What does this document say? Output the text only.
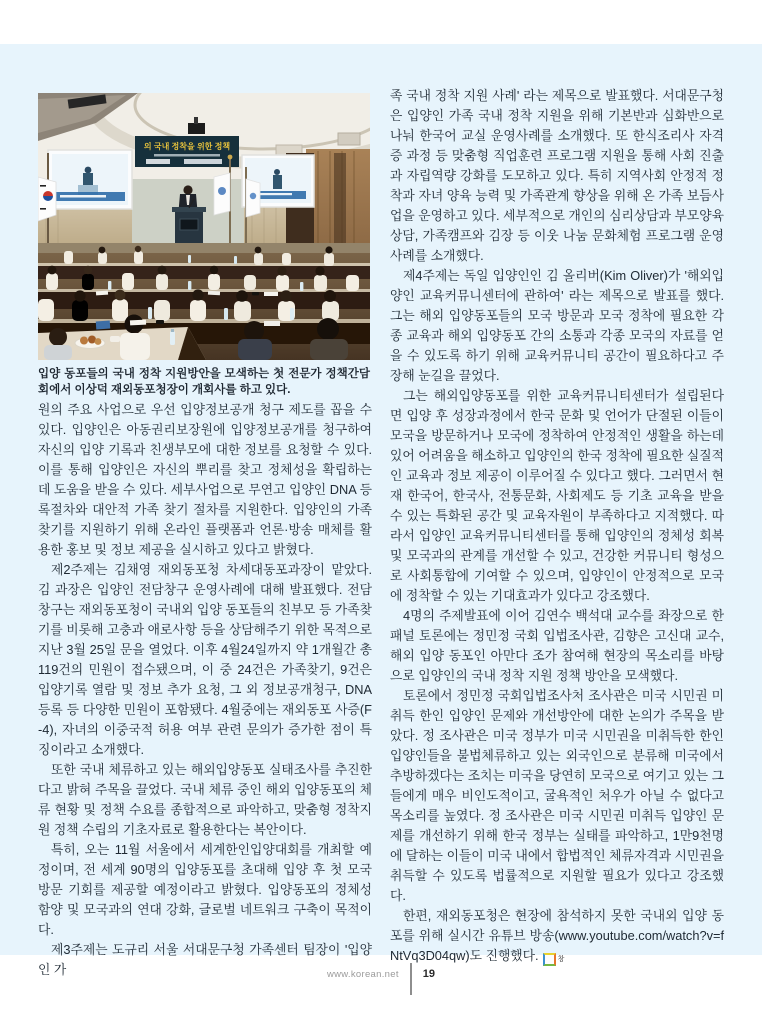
의 국내 정착을 위한 정책
입양 동포들의 국내 정착 지원방안을 모색하는 첫 전문가 정책간담회에서 이상덕 재외동포청장이 개회사를 하고 있다.

원의 주요 사업으로 우선 입양정보공개 청구 제도를 꼽을 수 있다. 입양인은 아동권리보장원에 입양정보공개를 청구하여 자신의 입양 기록과 친생부모에 대한 정보를 요청할 수 있다. 이를 통해 입양인은 자신의 뿌리를 찾고 정체성을 확립하는 데 도움을 받을 수 있다. 세부사업으로 무연고 입양인 DNA 등록절차와 대안적 가족 찾기 절차를 지원한다. 입양인의 가족 찾기를 지원하기 위해 온라인 플랫폼과 언론·방송 매체를 활용한 홍보 및 정보 제공을 실시하고 있다고 밝혔다.

제2주제는 김채영 재외동포청 차세대동포과장이 맡았다. 김 과장은 입양인 전담창구 운영사례에 대해 발표했다. 전담창구는 재외동포청이 국내외 입양 동포들의 친부모 등 가족찾기를 비롯해 고충과 애로사항 등을 상담해주기 위한 목적으로 지난 3월 25일 문을 열었다. 이후 4월24일까지 약 1개월간 총 119건의 민원이 접수됐으며, 이 중 24건은 가족찾기, 9건은 입양기록 열람 및 정보 추가 요청, 그 외 정보공개청구, DNA 등록 등 다양한 민원이 포함됐다. 4월중에는 재외동포 사증(F-4), 자녀의 이중국적 허용 여부 관련 문의가 증가한 점이 특징이라고 소개했다.

또한 국내 체류하고 있는 해외입양동포 실태조사를 추진한다고 밝혀 주목을 끌었다. 국내 체류 중인 해외 입양동포의 체류 현황 및 정책 수요를 종합적으로 파악하고, 맞춤형 정착지원 정책 수립의 기초자료로 활용한다는 복안이다.

특히, 오는 11월 서울에서 세계한인입양대회를 개최할 예정이며, 전 세계 90명의 입양동포를 초대해 입양 후 첫 모국 방문 기회를 제공할 예정이라고 밝혔다. 입양동포의 정체성 함양 및 모국과의 연대 강화, 글로벌 네트워크 구축이 목적이다.

제3주제는 도규리 서울 서대문구청 가족센터 팀장이 '입양인 가

족 국내 정착 지원 사례' 라는 제목으로 발표했다. 서대문구청은 입양인 가족 국내 정착 지원을 위해 기본반과 심화반으로 나눠 한국어 교실 운영사례를 소개했다. 또 한식조리사 자격증 과정 등 맞춤형 직업훈련 프로그램 지원을 통해 사회 진출과 자립역량 강화를 도모하고 있다. 특히 지역사회 안정적 정착과 자녀 양육 능력 및 가족관계 향상을 위해 온 가족 보듬사업을 운영하고 있다. 세부적으로 개인의 심리상담과 부모양육 상담, 가족캠프와 김장 등 이웃 나눔 문화체험 프로그램 운영 사례를 소개했다.

제4주제는 독일 입양인인 김 올리버(Kim Oliver)가 '해외입양인 교육커뮤니센터에 관하여' 라는 제목으로 발표를 했다. 그는 해외 입양동포들의 모국 방문과 모국 정착에 필요한 각종 교육과 해외 입양동포 간의 소통과 각종 모국의 자료를 얻을 수 있도록 하기 위해 교육커뮤니티 공간이 필요하다고 주장해 눈길을 끌었다.

그는 해외입양동포를 위한 교육커뮤니티센터가 설립된다면 입양 후 성장과정에서 한국 문화 및 언어가 단절된 이들이 모국을 방문하거나 모국에 정착하여 안정적인 생활을 하는데 있어 어려움을 해소하고 입양인의 한국 정착에 필요한 실질적인 교육과 정보 제공이 이루어질 수 있다고 했다. 그러면서 현재 한국어, 한국사, 전통문화, 사회제도 등 기초 교육을 받을 수 있는 특화된 공간 및 교육자원이 부족하다고 지적했다. 따라서 입양인 교육커뮤니티센터를 통해 입양인의 정체성 회복 및 모국과의 관계를 개선할 수 있고, 건강한 커뮤니티 형성으로 사회통합에 기여할 수 있으며, 입양인이 안정적으로 모국에 정착할 수 있는 기대효과가 있다고 강조했다.

4명의 주제발표에 이어 김연수 백석대 교수를 좌장으로 한 패널 토론에는 정민정 국회 입법조사관, 김향은 고신대 교수, 해외 입양 동포인 아만다 조가 참여해 현장의 목소리를 바탕으로 입양인의 국내 정착 지원 정책 방안을 모색했다.

토론에서 정민정 국회입법조사처 조사관은 미국 시민권 미취득 한인 입양인 문제와 개선방안에 대한 논의가 주목을 받았다. 정 조사관은 미국 정부가 미국 시민권을 미취득한 한인 입양인들을 불법체류하고 있는 외국인으로 분류해 미국에서 추방하겠다는 조치는 미국을 당연히 모국으로 여기고 있는 그들에게 매우 비인도적이고, 굴욕적인 처우가 아닐 수 없다고 목소리를 높였다. 정 조사관은 미국 시민권 미취득 입양인 문제를 개선하기 위해 한국 정부는 실태를 파악하고, 1만9천명에 달하는 이들이 미국 내에서 합법적인 체류자격과 시민권을 취득할 수 있도록 법률적으로 지원할 필요가 있다고 강조했다.

한편, 재외동포청은 현장에 참석하지 못한 국내외 입양 동포를 위해 실시간 유튜브 방송(www.youtube.com/watch?v=fNtVq3D04qw)도 진행했다.	창

www.korean.net 19
